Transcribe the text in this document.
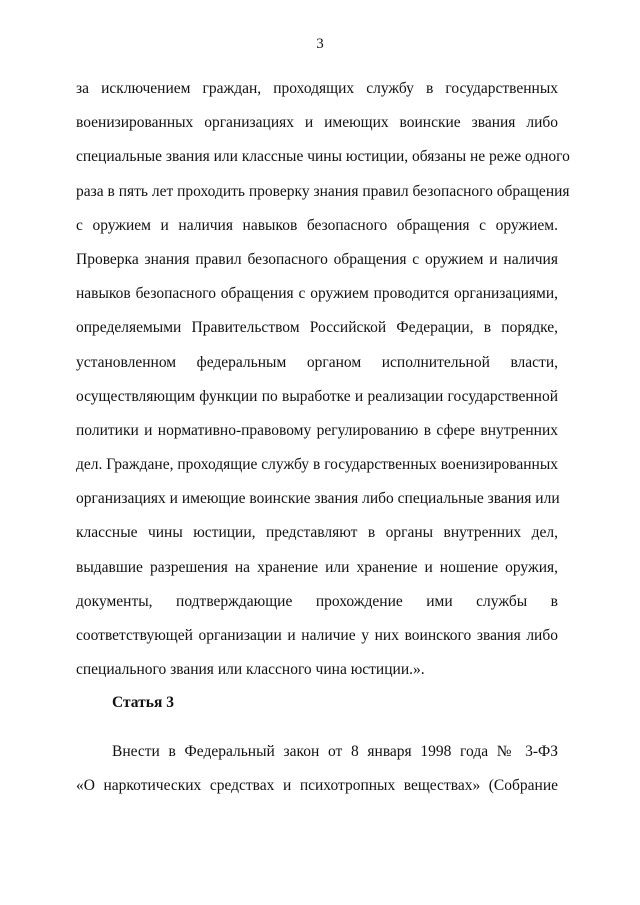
3
за исключением граждан, проходящих службу в государственных
военизированных организациях и имеющих воинские звания либо
специальные звания или классные чины юстиции, обязаны не реже одного
раза в пять лет проходить проверку знания правил безопасного обращения
с оружием и наличия навыков безопасного обращения с оружием.
Проверка знания правил безопасного обращения с оружием и наличия
навыков безопасного обращения с оружием проводится организациями,
определяемыми Правительством Российской Федерации, в порядке,
установленном федеральным органом исполнительной власти,
осуществляющим функции по выработке и реализации государственной
политики и нормативно-правовому регулированию в сфере внутренних
дел. Граждане, проходящие службу в государственных военизированных
организациях и имеющие воинские звания либо специальные звания или
классные чины юстиции, представляют в органы внутренних дел,
выдавшие разрешения на хранение или хранение и ношение оружия,
документы, подтверждающие прохождение ими службы в
соответствующей организации и наличие у них воинского звания либо
специального звания или классного чина юстиции.».
Статья 3
Внести в Федеральный закон от 8 января 1998 года № 3-ФЗ
«О наркотических средствах и психотропных веществах» (Собрание
